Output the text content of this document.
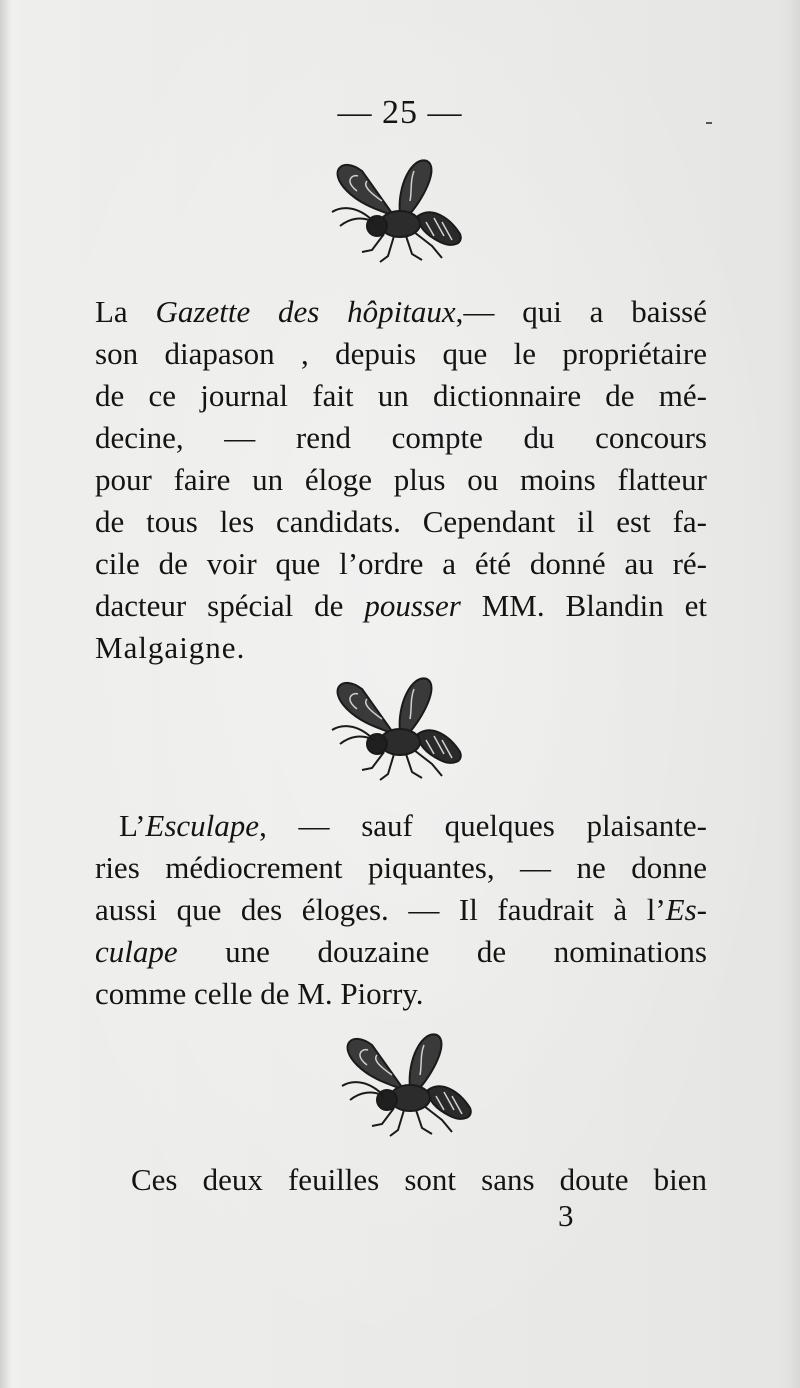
— 25 —
La Gazette des hôpitaux,— qui a baissé
son diapason , depuis que le propriétaire
de ce journal fait un dictionnaire de mé-
decine, — rend compte du concours
pour faire un éloge plus ou moins flatteur
de tous les candidats. Cependant il est fa-
cile de voir que l’ordre a été donné au ré-
dacteur spécial de pousser MM. Blandin et
Malgaigne.
L’Esculape, — sauf quelques plaisante-
ries médiocrement piquantes, — ne donne
aussi que des éloges. — Il faudrait à l’Es-
culape une douzaine de nominations
comme celle de M. Piorry.
Ces deux feuilles sont sans doute bien
3
